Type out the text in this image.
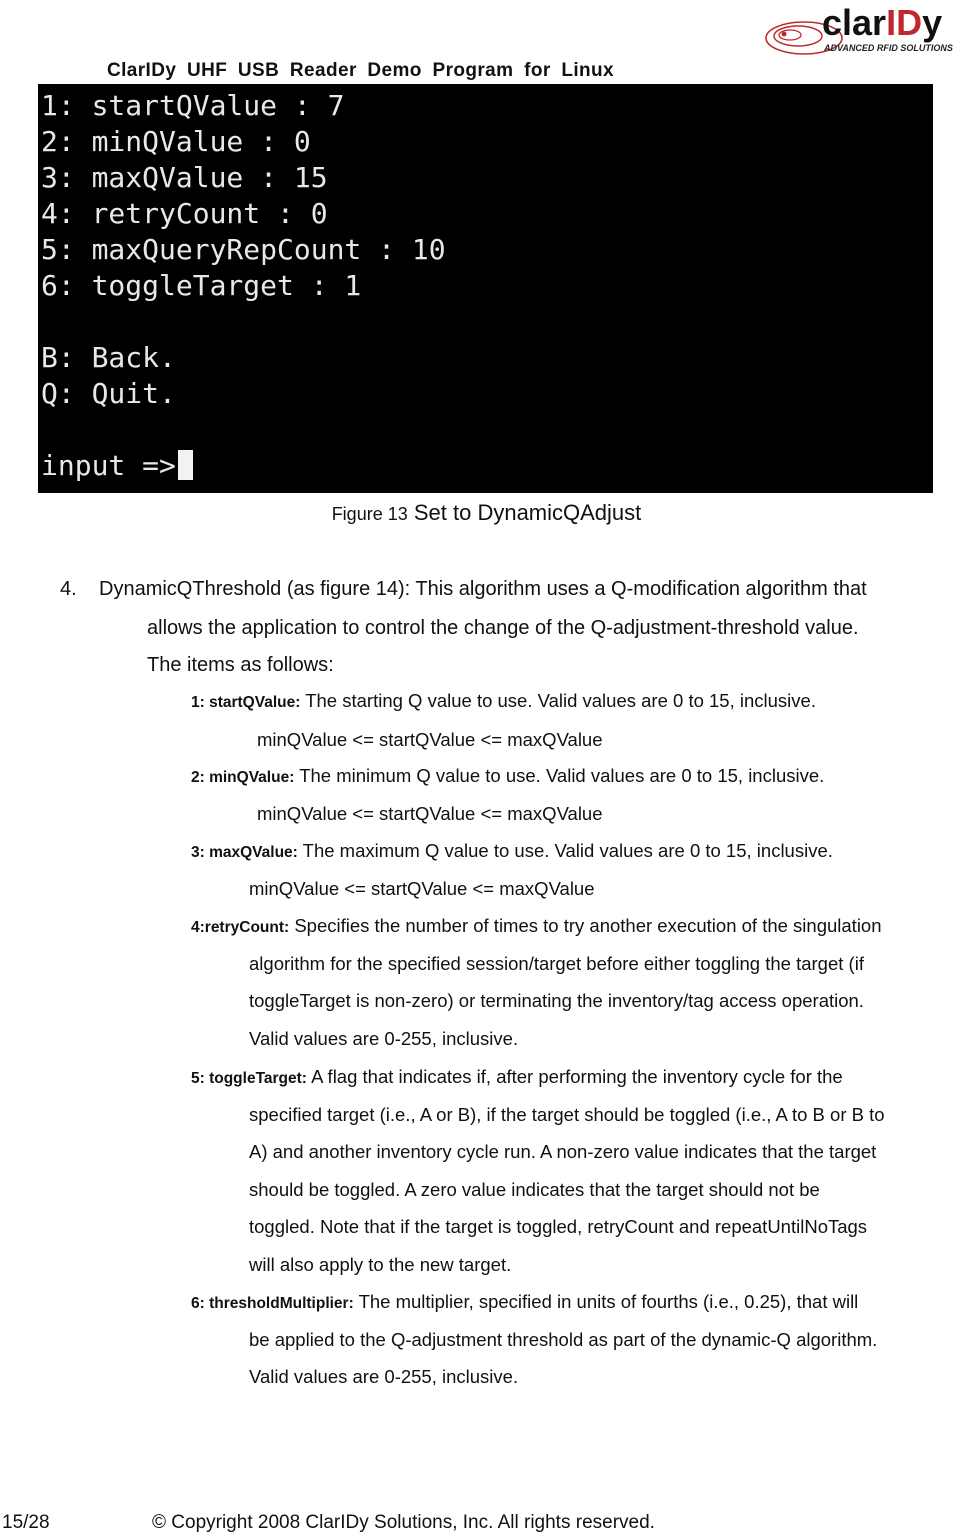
ClarIDy UHF USB Reader Demo Program for Linux
clarIDy
ADVANCED RFID SOLUTIONS
1: startQValue : 7
2: minQValue : 0
3: maxQValue : 15
4: retryCount : 0
5: maxQueryRepCount : 10
6: toggleTarget : 1
B: Back.
Q: Quit.
input =>
Figure 13 Set to DynamicQAdjust
4. DynamicQThreshold (as figure 14): This algorithm uses a Q-modification algorithm that
allows the application to control the change of the Q-adjustment-threshold value.
The items as follows:
1: startQValue: The starting Q value to use. Valid values are 0 to 15, inclusive.
minQValue <= startQValue <= maxQValue
2: minQValue: The minimum Q value to use. Valid values are 0 to 15, inclusive.
minQValue <= startQValue <= maxQValue
3: maxQValue: The maximum Q value to use. Valid values are 0 to 15, inclusive.
minQValue <= startQValue <= maxQValue
4:retryCount: Specifies the number of times to try another execution of the singulation
algorithm for the specified session/target before either toggling the target (if
toggleTarget is non-zero) or terminating the inventory/tag access operation.
Valid values are 0-255, inclusive.
5: toggleTarget: A flag that indicates if, after performing the inventory cycle for the
specified target (i.e., A or B), if the target should be toggled (i.e., A to B or B to
A) and another inventory cycle run. A non-zero value indicates that the target
should be toggled. A zero value indicates that the target should not be
toggled. Note that if the target is toggled, retryCount and repeatUntilNoTags
will also apply to the new target.
6: thresholdMultiplier: The multiplier, specified in units of fourths (i.e., 0.25), that will
be applied to the Q-adjustment threshold as part of the dynamic-Q algorithm.
Valid values are 0-255, inclusive.
15/28	© Copyright 2008 ClarIDy Solutions, Inc. All rights reserved.
